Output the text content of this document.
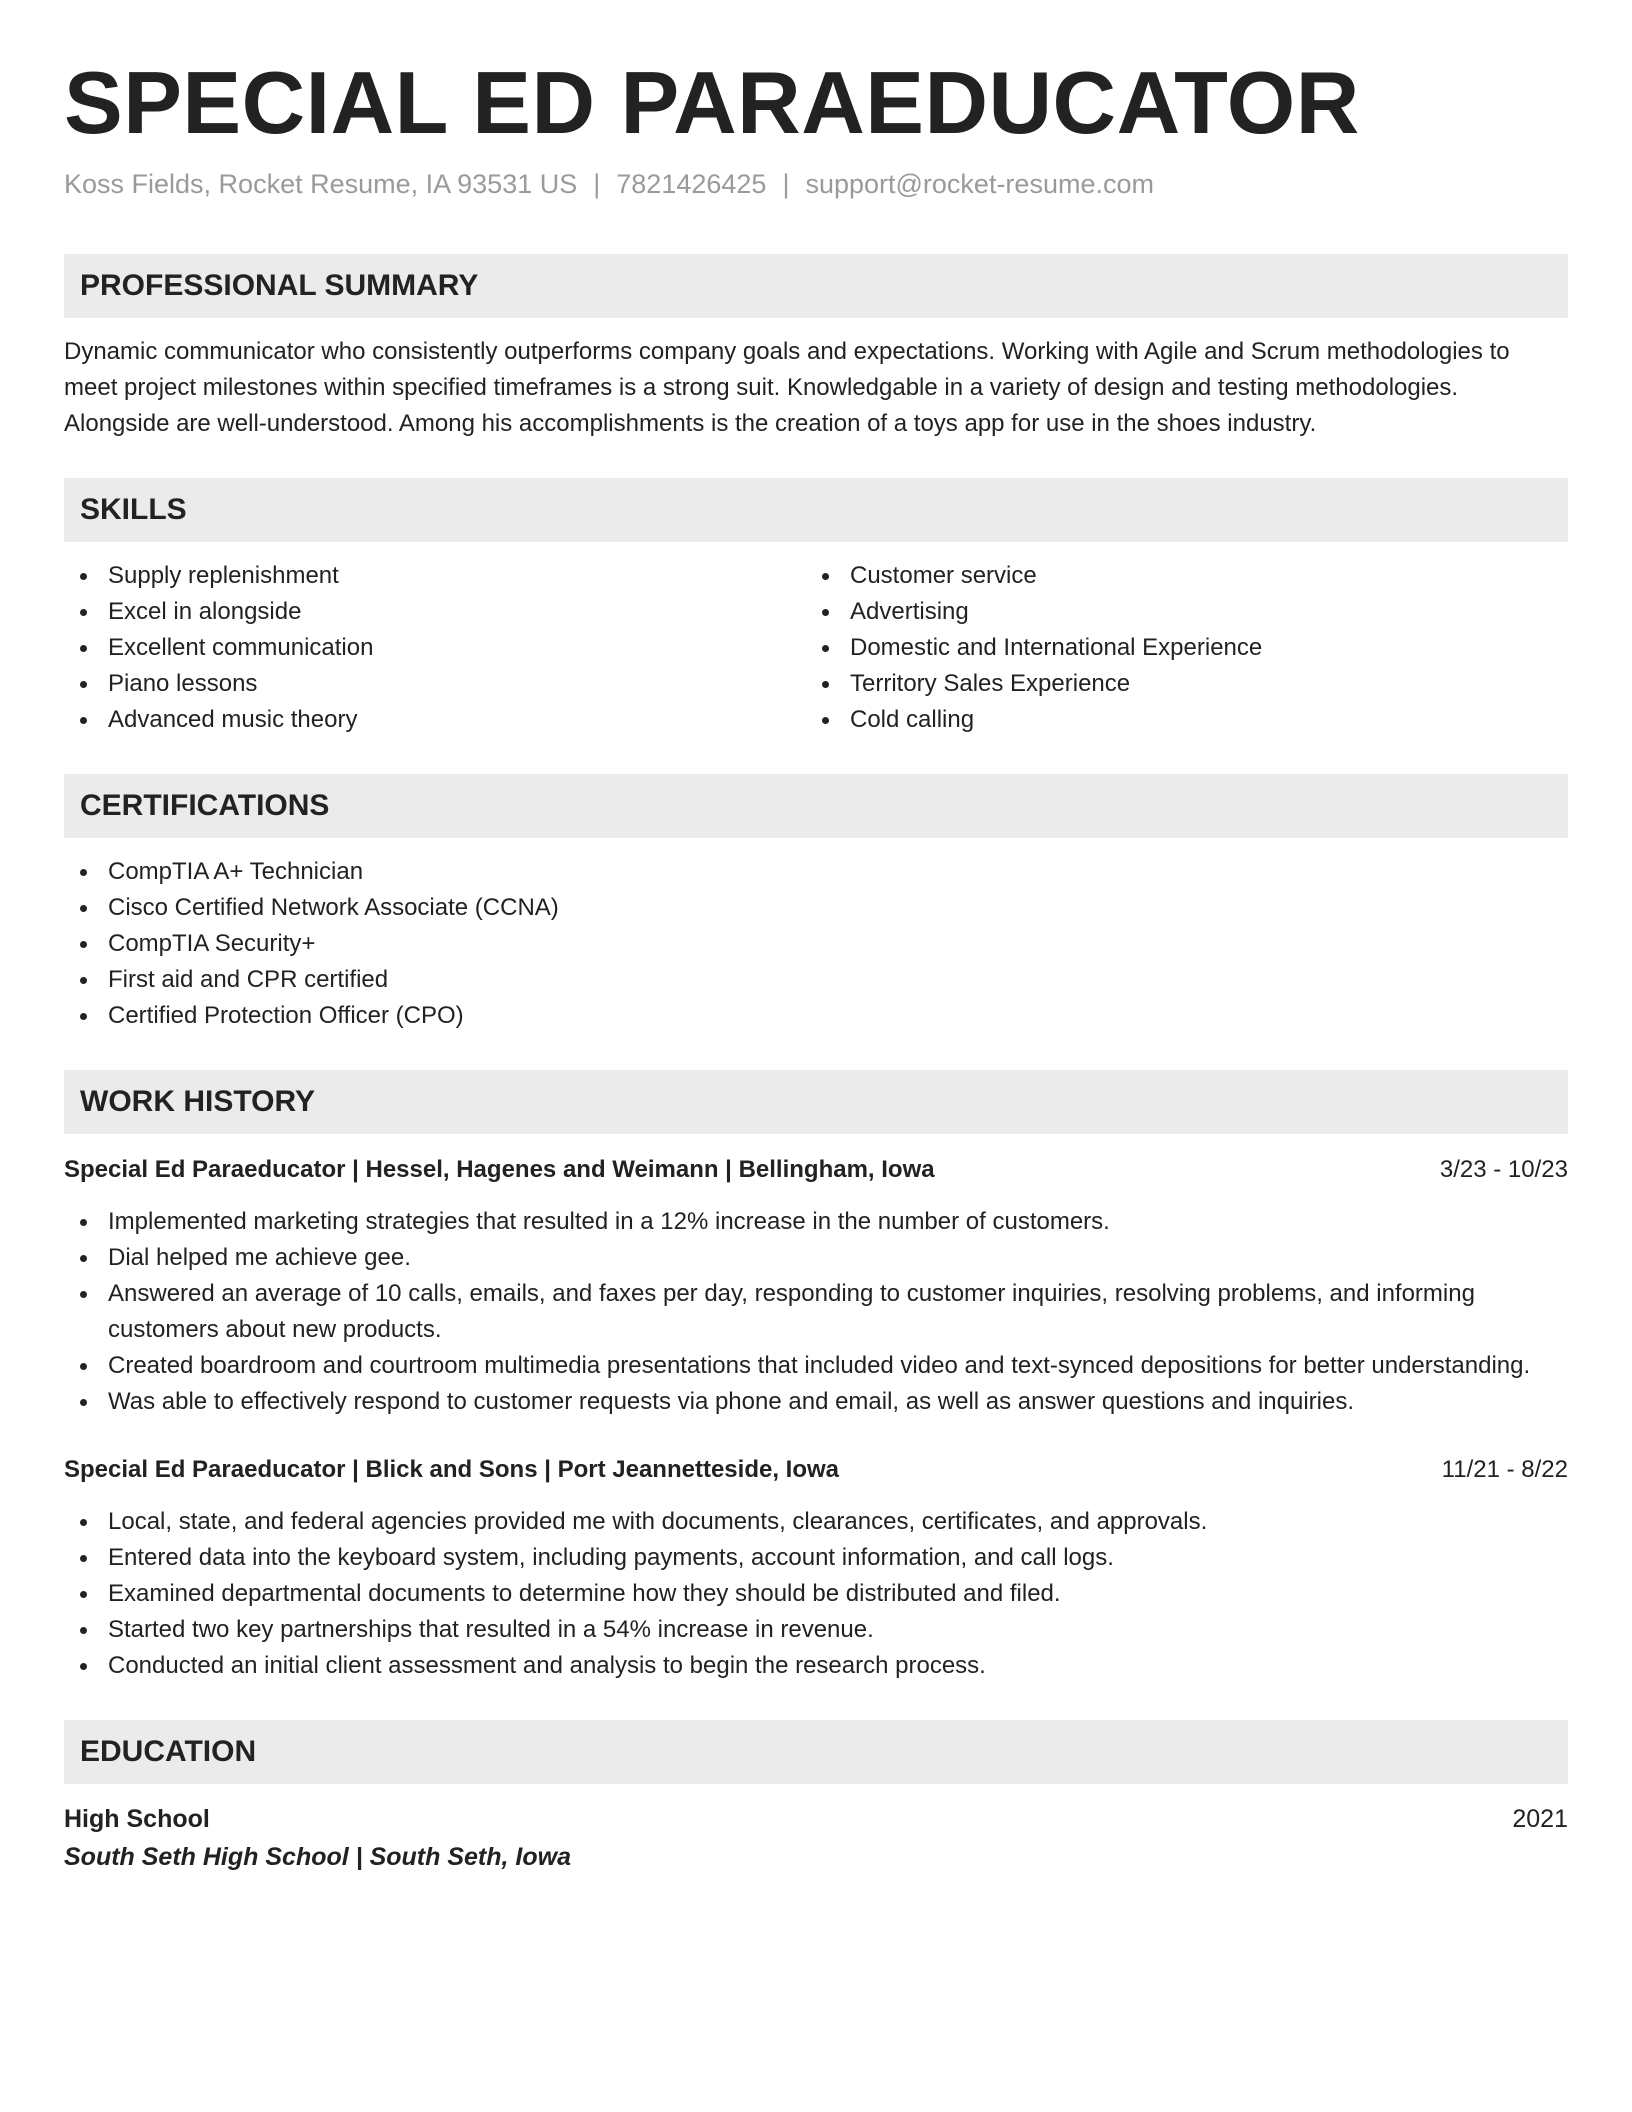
SPECIAL ED PARAEDUCATOR
Koss Fields, Rocket Resume, IA 93531 US | 7821426425 | support@rocket-resume.com
PROFESSIONAL SUMMARY
Dynamic communicator who consistently outperforms company goals and expectations. Working with Agile and Scrum methodologies to meet project milestones within specified timeframes is a strong suit. Knowledgable in a variety of design and testing methodologies. Alongside are well-understood. Among his accomplishments is the creation of a toys app for use in the shoes industry.
SKILLS
Supply replenishment
Excel in alongside
Excellent communication
Piano lessons
Advanced music theory
Customer service
Advertising
Domestic and International Experience
Territory Sales Experience
Cold calling
CERTIFICATIONS
CompTIA A+ Technician
Cisco Certified Network Associate (CCNA)
CompTIA Security+
First aid and CPR certified
Certified Protection Officer (CPO)
WORK HISTORY
Special Ed Paraeducator | Hessel, Hagenes and Weimann | Bellingham, Iowa	3/23 - 10/23
Implemented marketing strategies that resulted in a 12% increase in the number of customers.
Dial helped me achieve gee.
Answered an average of 10 calls, emails, and faxes per day, responding to customer inquiries, resolving problems, and informing customers about new products.
Created boardroom and courtroom multimedia presentations that included video and text-synced depositions for better understanding.
Was able to effectively respond to customer requests via phone and email, as well as answer questions and inquiries.
Special Ed Paraeducator | Blick and Sons | Port Jeannetteside, Iowa	11/21 - 8/22
Local, state, and federal agencies provided me with documents, clearances, certificates, and approvals.
Entered data into the keyboard system, including payments, account information, and call logs.
Examined departmental documents to determine how they should be distributed and filed.
Started two key partnerships that resulted in a 54% increase in revenue.
Conducted an initial client assessment and analysis to begin the research process.
EDUCATION
High School	2021
South Seth High School | South Seth, Iowa
